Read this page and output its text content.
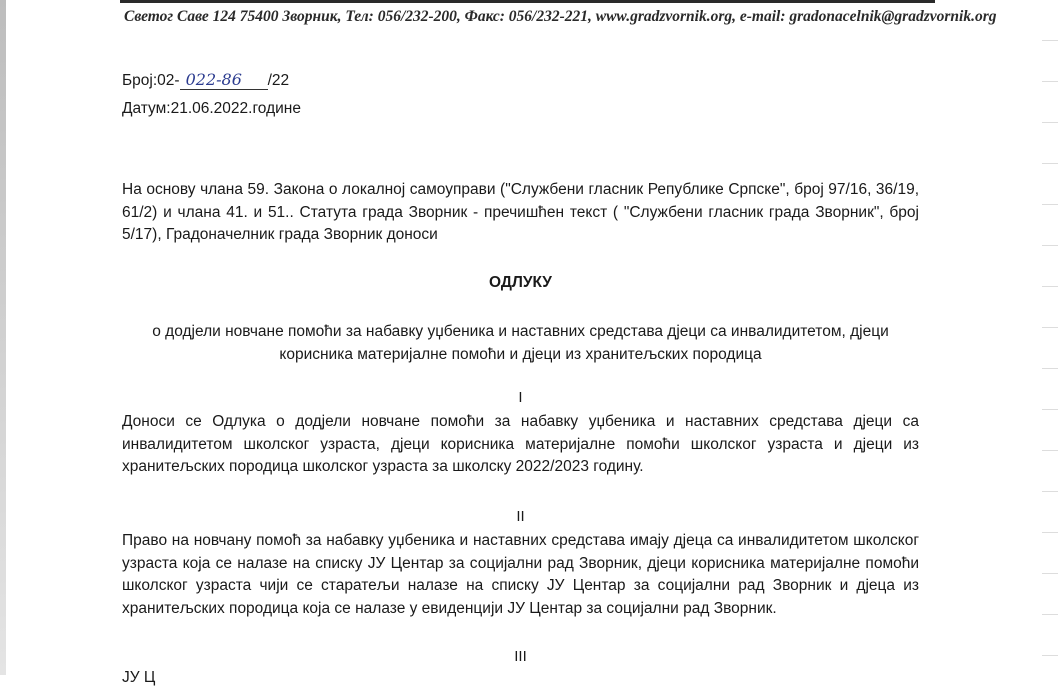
Светог Саве 124 75400 Зворник, Тел: 056/232-200, Факс: 056/232-221, www.gradzvornik.org, e-mail: gradonacelnik@gradzvornik.org
Број:02- 022-86 /22
Датум:21.06.2022.године
На основу члана 59. Закона о локалној самоуправи ("Службени гласник Републике Српске", број 97/16, 36/19, 61/2) и члана 41. и 51.. Статута града Зворник - пречишћен текст ( "Службени гласник града Зворник", број 5/17), Градоначелник града Зворник доноси
ОДЛУКУ
о додјели новчане помоћи за набавку уџбеника и наставних средстава дјеци са инвалидитетом, дјеци корисника материјалне помоћи и дјеци из хранитељских породица
I
Доноси се Одлука о додјели новчане помоћи за набавку уџбеника и наставних средстава дјеци са инвалидитетом школског узраста, дјеци корисника материјалне помоћи школског узраста и дјеци из хранитељских породица школског узраста за школску 2022/2023 годину.
II
Право на новчану помоћ за набавку уџбеника и наставних средстава имају дјеца са инвалидитетом школског узраста која се налазе на списку ЈУ Центар за социјални рад Зворник, дјеци корисника материјалне помоћи школског узраста чији се старатељи налазе на списку ЈУ Центар за социјални рад Зворник и дјеца из хранитељских породица која се налазе у евиденцији ЈУ Центар за социјални рад Зворник.
III
ЈУ Ц
